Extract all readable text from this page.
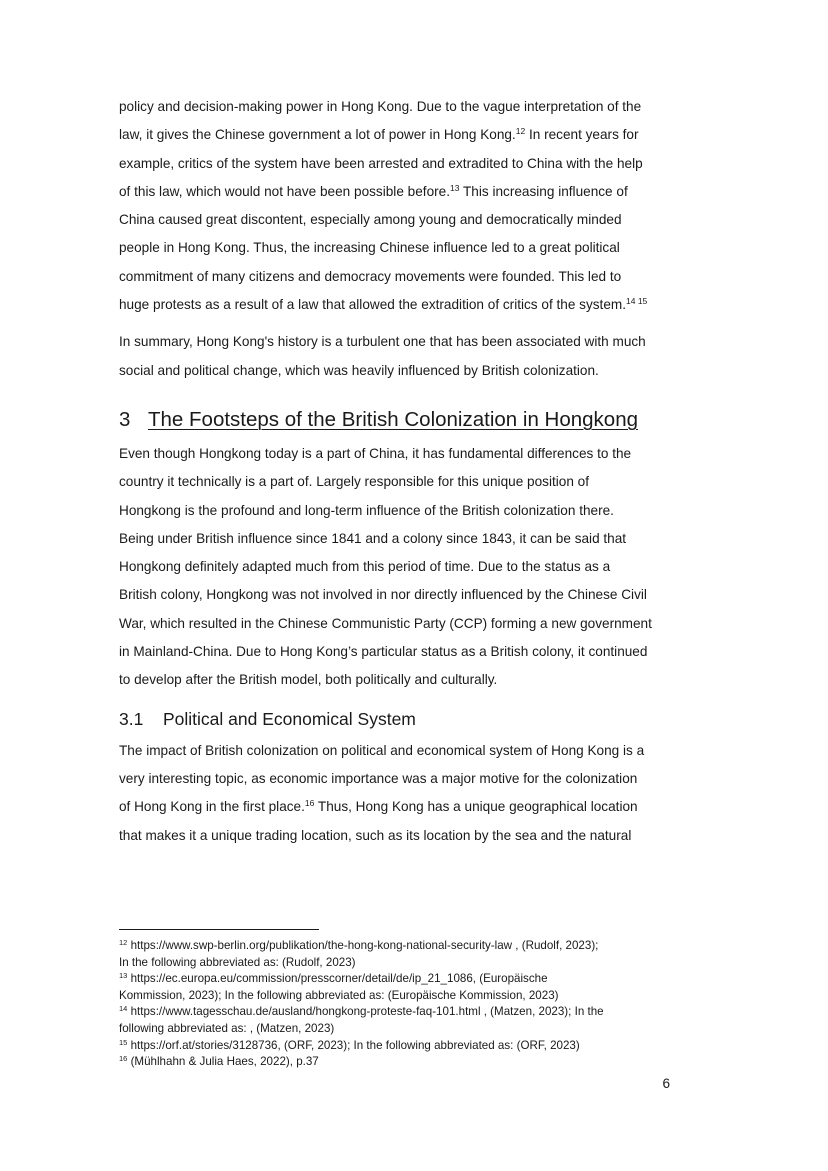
policy and decision-making power in Hong Kong. Due to the vague interpretation of the
law, it gives the Chinese government a lot of power in Hong Kong.$^{12}$ In recent years for
example, critics of the system have been arrested and extradited to China with the help
of this law, which would not have been possible before.$^{13}$ This increasing influence of
China caused great discontent, especially among young and democratically minded
people in Hong Kong. Thus, the increasing Chinese influence led to a great political
commitment of many citizens and democracy movements were founded. This led to
huge protests as a result of a law that allowed the extradition of critics of the system.$^{14 15}$

In summary, Hong Kong's history is a turbulent one that has been associated with much
social and political change, which was heavily influenced by British colonization.

3 The Footsteps of the British Colonization in Hongkong

Even though Hongkong today is a part of China, it has fundamental differences to the
country it technically is a part of. Largely responsible for this unique position of
Hongkong is the profound and long-term influence of the British colonization there.
Being under British influence since 1841 and a colony since 1843, it can be said that
Hongkong definitely adapted much from this period of time. Due to the status as a
British colony, Hongkong was not involved in nor directly influenced by the Chinese Civil
War, which resulted in the Chinese Communistic Party (CCP) forming a new government
in Mainland-China. Due to Hong Kong’s particular status as a British colony, it continued
to develop after the British model, both politically and culturally.

3.1 Political and Economical System

The impact of British colonization on political and economical system of Hong Kong is a
very interesting topic, as economic importance was a major motive for the colonization
of Hong Kong in the first place.$^{16}$ Thus, Hong Kong has a unique geographical location
that makes it a unique trading location, such as its location by the sea and the natural

$^{12}$ https://www.swp-berlin.org/publikation/the-hong-kong-national-security-law , (Rudolf, 2023);
In the following abbreviated as: (Rudolf, 2023)

$^{13}$ https://ec.europa.eu/commission/presscorner/detail/de/ip_21_1086, (Europäische
Kommission, 2023); In the following abbreviated as: (Europäische Kommission, 2023)

$^{14}$ https://www.tagesschau.de/ausland/hongkong-proteste-faq-101.html , (Matzen, 2023); In the
following abbreviated as: , (Matzen, 2023)

$^{15}$ https://orf.at/stories/3128736, (ORF, 2023); In the following abbreviated as: (ORF, 2023)

$^{16}$ (Mühlhahn & Julia Haes, 2022), p.37

6
